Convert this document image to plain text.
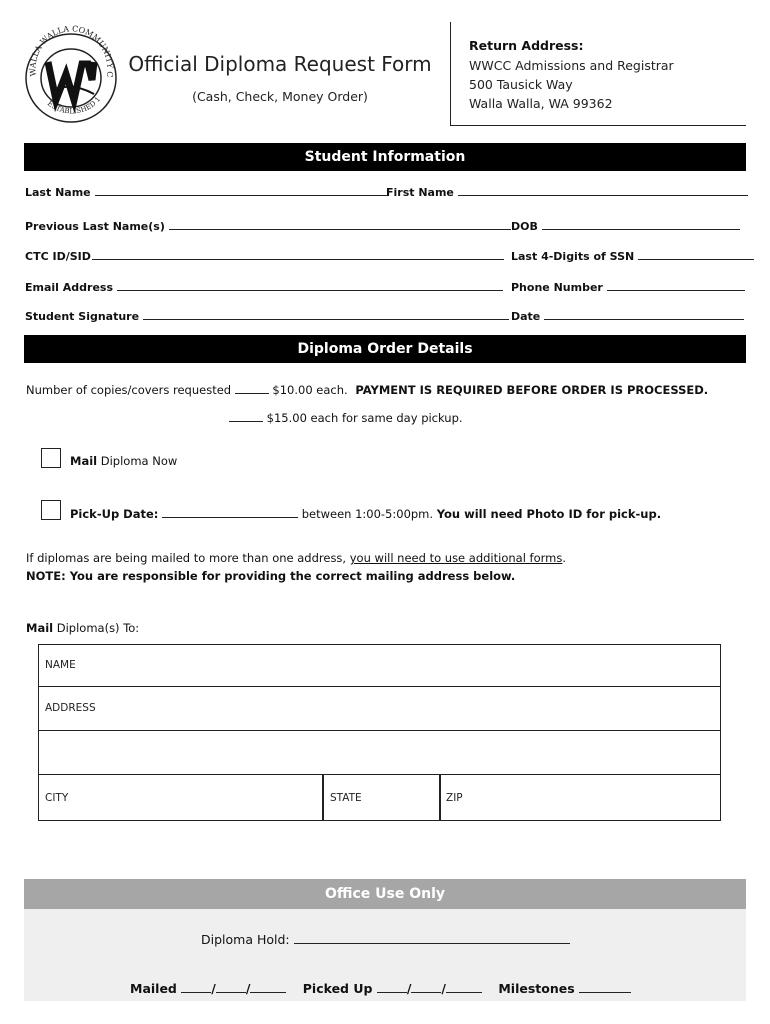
WALLA WALLA COMMUNITY C
ESTABLISHED 1
Official Diploma Request Form
(Cash, Check, Money Order)
Return Address:
WWCC Admissions and Registrar
500 Tausick Way
Walla Walla, WA 99362
Student Information
Last Name	First Name
Previous Last Name(s)	DOB
CTC ID/SID	Last 4-Digits of SSN
Email Address	Phone Number
Student Signature	Date
Diploma Order Details
Number of copies/covers requested	$10.00 each. PAYMENT IS REQUIRED BEFORE ORDER IS PROCESSED.
$15.00 each for same day pickup.
Mail Diploma Now
Pick-Up Date:	between 1:00-5:00pm. You will need Photo ID for pick-up.
If diplomas are being mailed to more than one address, you will need to use additional forms.
NOTE: You are responsible for providing the correct mailing address below.
Mail Diploma(s) To:
NAME
ADDRESS
CITY	STATE	ZIP
Office Use Only
Diploma Hold:
Mailed	/ /	Picked Up	/ /	Milestones
